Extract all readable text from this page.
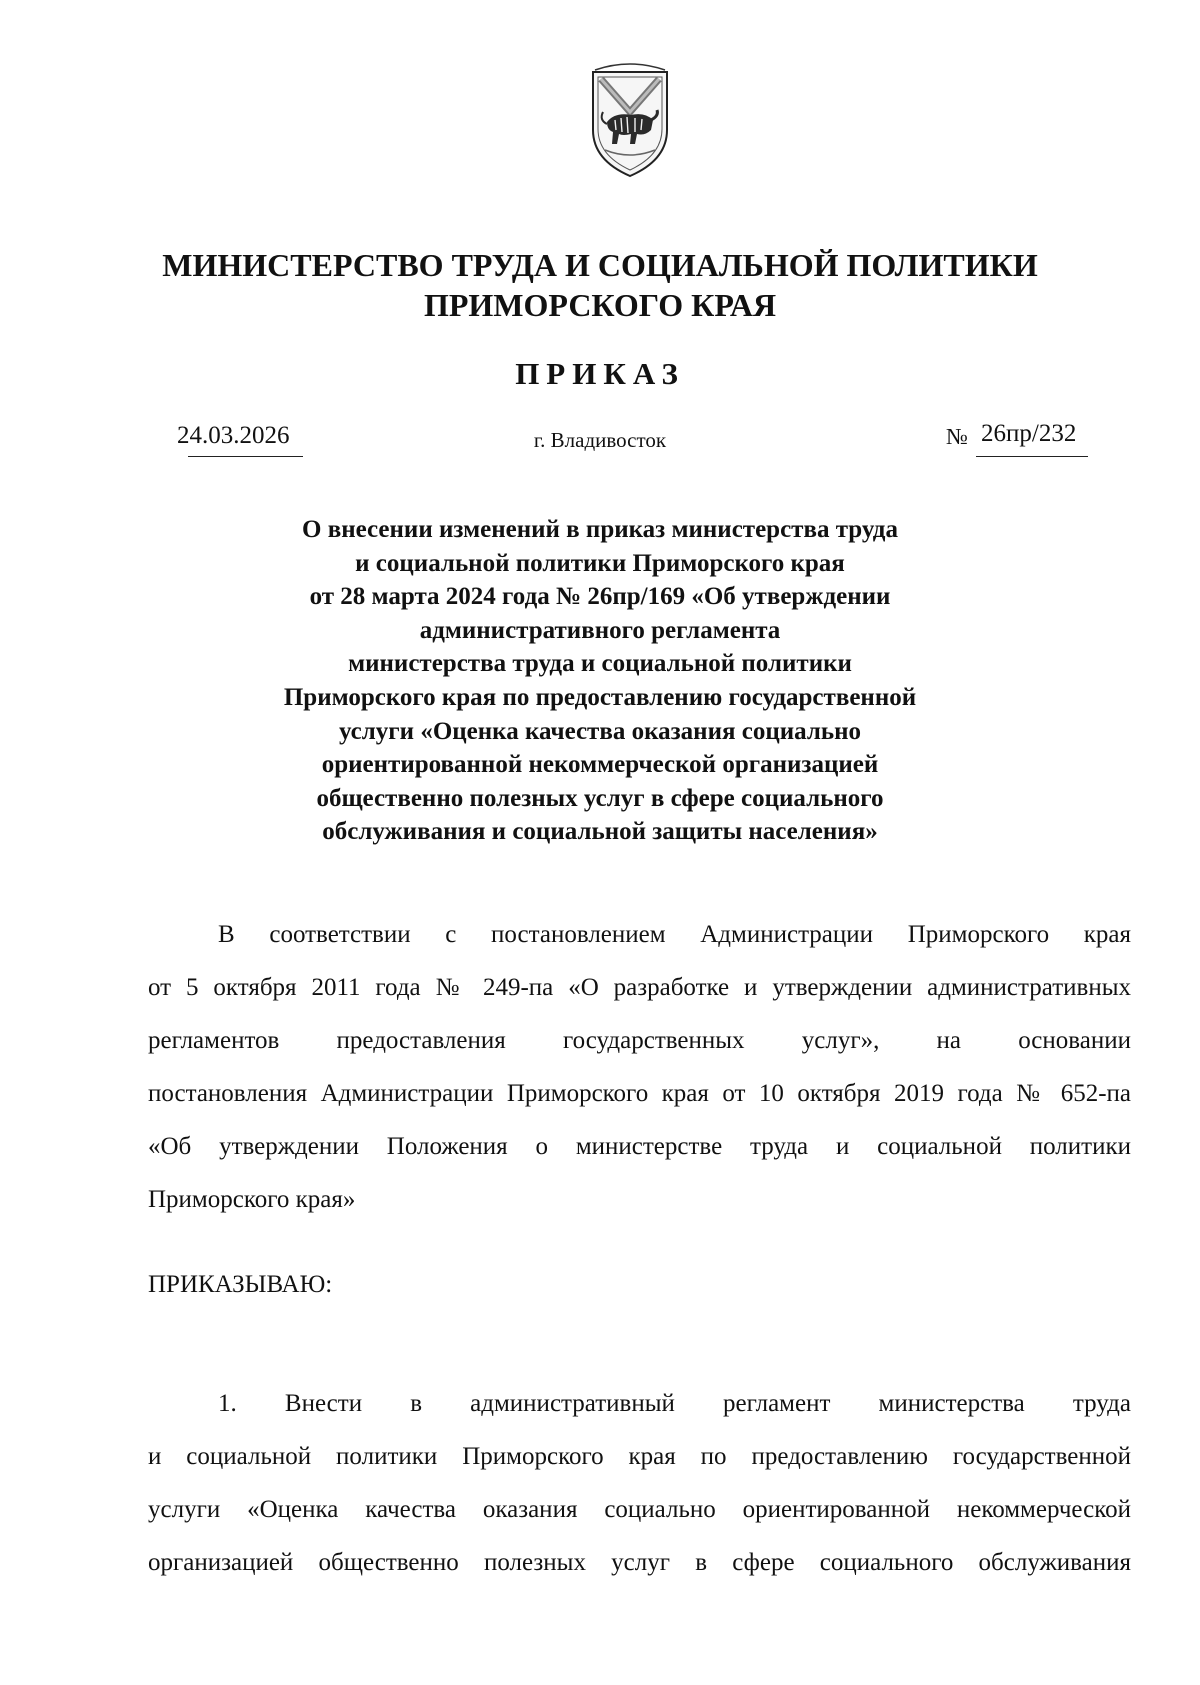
МИНИСТЕРСТВО ТРУДА И СОЦИАЛЬНОЙ ПОЛИТИКИ
ПРИМОРСКОГО КРАЯ
ПРИКАЗ
24.03.2026	г. Владивосток	№ 26пр/232
О внесении изменений в приказ министерства труда
и социальной политики Приморского края
от 28 марта 2024 года № 26пр/169 «Об утверждении
административного регламента
министерства труда и социальной политики
Приморского края по предоставлению государственной
услуги «Оценка качества оказания социально
ориентированной некоммерческой организацией
общественно полезных услуг в сфере социального
обслуживания и социальной защиты населения»
В соответствии с постановлением Администрации Приморского края
от 5 октября 2011 года № 249-па «О разработке и утверждении административных
регламентов предоставления государственных услуг», на основании
постановления Администрации Приморского края от 10 октября 2019 года № 652-па
«Об утверждении Положения о министерстве труда и социальной политики
Приморского края»
ПРИКАЗЫВАЮ:
1. Внести в административный регламент министерства труда
и социальной политики Приморского края по предоставлению государственной
услуги «Оценка качества оказания социально ориентированной некоммерческой
организацией общественно полезных услуг в сфере социального обслуживания
